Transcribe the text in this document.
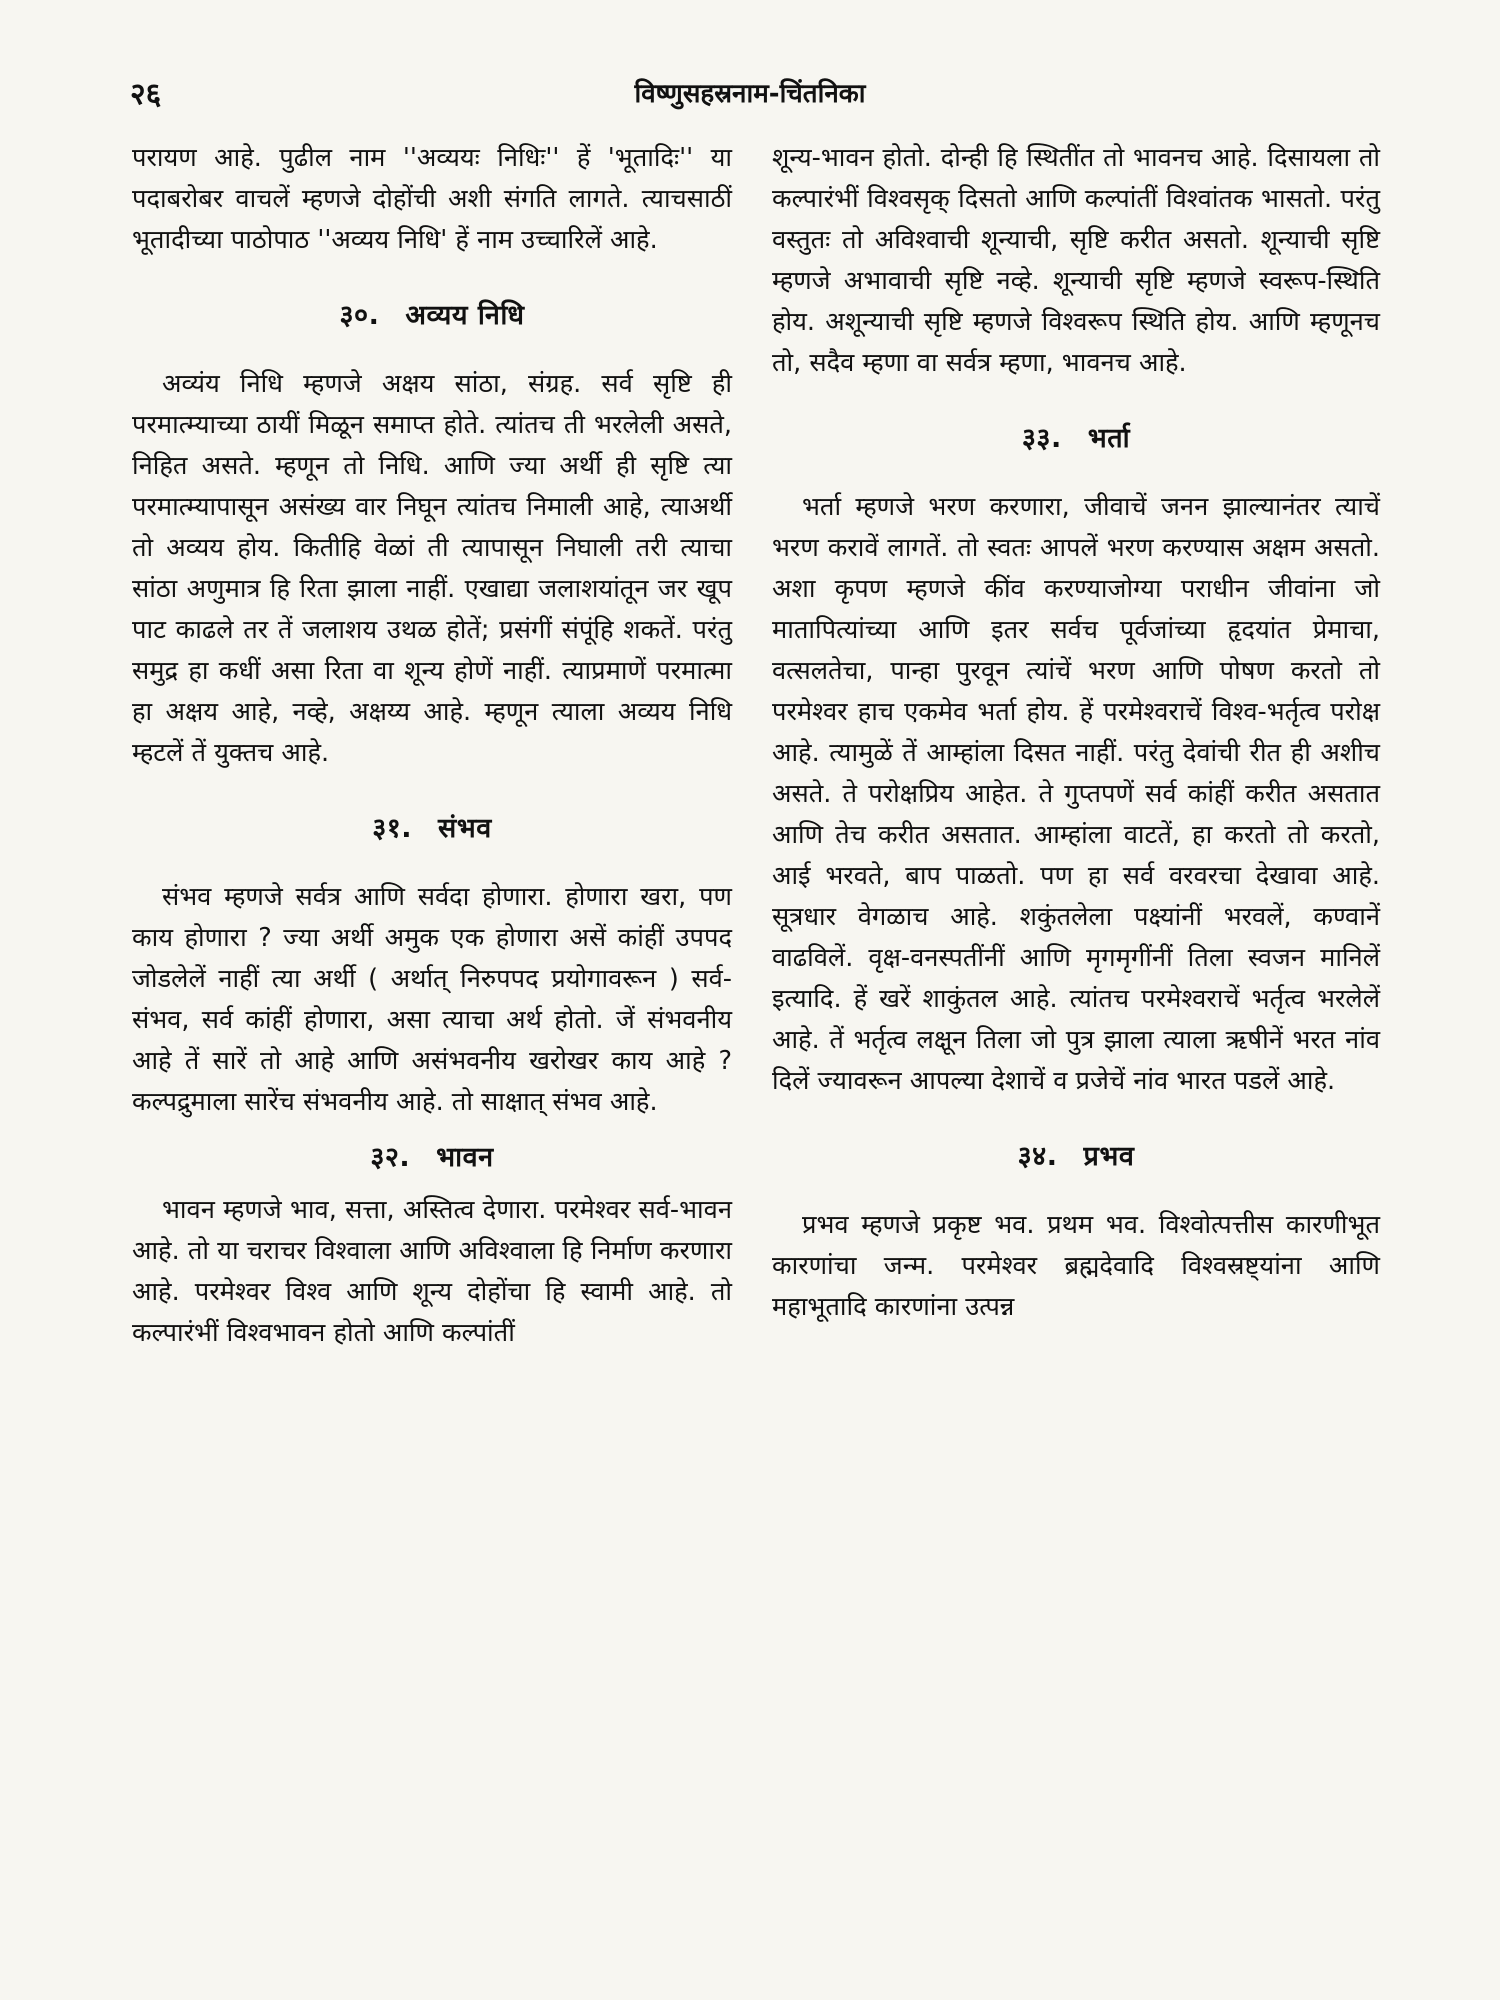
२६	विष्णुसहस्रनाम-चिंतनिका

परायण आहे. पुढील नाम ''अव्ययः निधिः'' हें 'भूतादिः'' या पदाबरोबर वाचलें म्हणजे दोहोंची अशी संगति लागते. त्याचसाठीं भूतादीच्या पाठोपाठ ''अव्यय निधि' हें नाम उच्चारिलें आहे.

३०. अव्यय निधि

अव्यंय निधि म्हणजे अक्षय सांठा, संग्रह. सर्व सृष्टि ही परमात्म्याच्या ठायीं मिळून समाप्त होते. त्यांतच ती भरलेली असते, निहित असते. म्हणून तो निधि. आणि ज्या अर्थी ही सृष्टि त्या परमात्म्यापासून असंख्य वार निघून त्यांतच निमाली आहे, त्याअर्थी तो अव्यय होय. कितीहि वेळां ती त्यापासून निघाली तरी त्याचा सांठा अणुमात्र हि रिता झाला नाहीं. एखाद्या जलाशयांतून जर खूप पाट काढले तर तें जलाशय उथळ होतें; प्रसंगीं संपूंहि शकतें. परंतु समुद्र हा कधीं असा रिता वा शून्य होणें नाहीं. त्याप्रमाणें परमात्मा हा अक्षय आहे, नव्हे, अक्षय्य आहे. म्हणून त्याला अव्यय निधि म्हटलें तें युक्तच आहे.

३१. संभव

संभव म्हणजे सर्वत्र आणि सर्वदा होणारा. होणारा खरा, पण काय होणारा ? ज्या अर्थी अमुक एक होणारा असें कांहीं उपपद जोडलेलें नाहीं त्या अर्थी ( अर्थात् निरुपपद प्रयोगावरून ) सर्व-संभव, सर्व कांहीं होणारा, असा त्याचा अर्थ होतो. जें संभवनीय आहे तें सारें तो आहे आणि असंभवनीय खरोखर काय आहे ? कल्पद्रुमाला सारेंच संभवनीय आहे. तो साक्षात् संभव आहे.

३२. भावन

भावन म्हणजे भाव, सत्ता, अस्तित्व देणारा. परमेश्वर सर्व-भावन आहे. तो या चराचर विश्वाला आणि अविश्वाला हि निर्माण करणारा आहे. परमेश्वर विश्व आणि शून्य दोहोंचा हि स्वामी आहे. तो कल्पारंभीं विश्वभावन होतो आणि कल्पांतीं

शून्य-भावन होतो. दोन्ही हि स्थितींत तो भावनच आहे. दिसायला तो कल्पारंभीं विश्वसृक् दिसतो आणि कल्पांतीं विश्वांतक भासतो. परंतु वस्तुतः तो अविश्वाची शून्याची, सृष्टि करीत असतो. शून्याची सृष्टि म्हणजे अभावाची सृष्टि नव्हे. शून्याची सृष्टि म्हणजे स्वरूप-स्थिति होय. अशून्याची सृष्टि म्हणजे विश्वरूप स्थिति होय. आणि म्हणूनच तो, सदैव म्हणा वा सर्वत्र म्हणा, भावनच आहे.

३३. भर्ता

भर्ता म्हणजे भरण करणारा, जीवाचें जनन झाल्यानंतर त्याचें भरण करावें लागतें. तो स्वतः आपलें भरण करण्यास अक्षम असतो. अशा कृपण म्हणजे कींव करण्याजोग्या पराधीन जीवांना जो मातापित्यांच्या आणि इतर सर्वच पूर्वजांच्या हृदयांत प्रेमाचा, वत्सलतेचा, पान्हा पुरवून त्यांचें भरण आणि पोषण करतो तो परमेश्वर हाच एकमेव भर्ता होय. हें परमेश्वराचें विश्व-भर्तृत्व परोक्ष आहे. त्यामुळें तें आम्हांला दिसत नाहीं. परंतु देवांची रीत ही अशीच असते. ते परोक्षप्रिय आहेत. ते गुप्तपणें सर्व कांहीं करीत असतात आणि तेच करीत असतात. आम्हांला वाटतें, हा करतो तो करतो, आई भरवते, बाप पाळतो. पण हा सर्व वरवरचा देखावा आहे. सूत्रधार वेगळाच आहे. शकुंतलेला पक्ष्यांनीं भरवलें, कण्वानें वाढविलें. वृक्ष-वनस्पतींनीं आणि मृगमृगींनीं तिला स्वजन मानिलें इत्यादि. हें खरें शाकुंतल आहे. त्यांतच परमेश्वराचें भर्तृत्व भरलेलें आहे. तें भर्तृत्व लक्षून तिला जो पुत्र झाला त्याला ऋषीनें भरत नांव दिलें ज्यावरून आपल्या देशाचें व प्रजेचें नांव भारत पडलें आहे.

३४. प्रभव

प्रभव म्हणजे प्रकृष्ट भव. प्रथम भव. विश्वोत्पत्तीस कारणीभूत कारणांचा जन्म. परमेश्वर ब्रह्मदेवादि विश्वस्रष्ट्यांना आणि महाभूतादि कारणांना उत्पन्न
